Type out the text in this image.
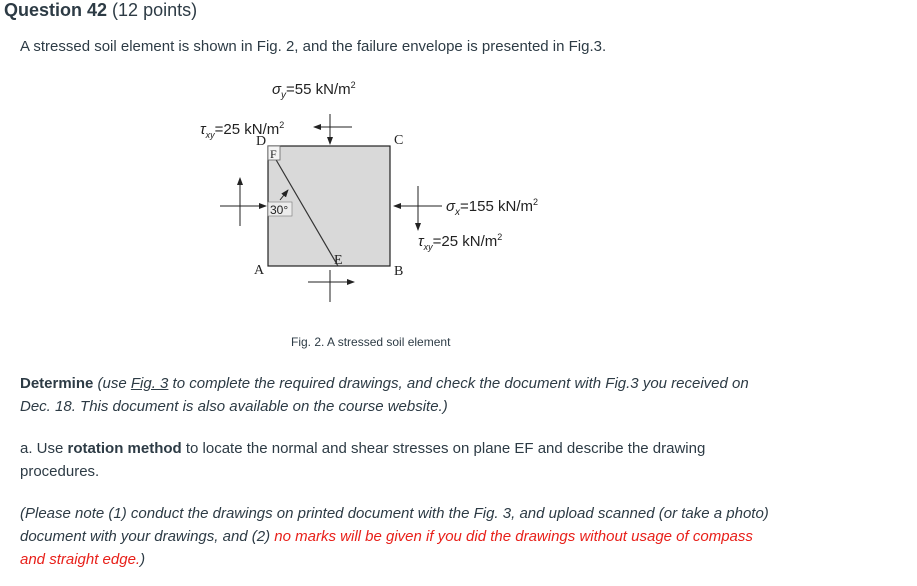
Question 42 (12 points)
A stressed soil element is shown in Fig. 2, and the failure envelope is presented in Fig.3.
$\sigma_y=55$ $kN/m^2$
$\tau_{xy}=25$ $kN/m^2$
D	C
A	B
E
F
30°	$\sigma_x=155$ $kN/m^2$
$\tau_{xy}=25$ $kN/m^2$
Fig. 2. A stressed soil element
Determine (use Fig. 3 to complete the required drawings, and check the document with Fig.3 you received on Dec. 18. This document is also available on the course website.)
a. Use rotation method to locate the normal and shear stresses on plane EF and describe the drawing procedures.
(Please note (1) conduct the drawings on printed document with the Fig. 3, and upload scanned (or take a photo) document with your drawings, and (2) no marks will be given if you did the drawings without usage of compass and straight edge.)
